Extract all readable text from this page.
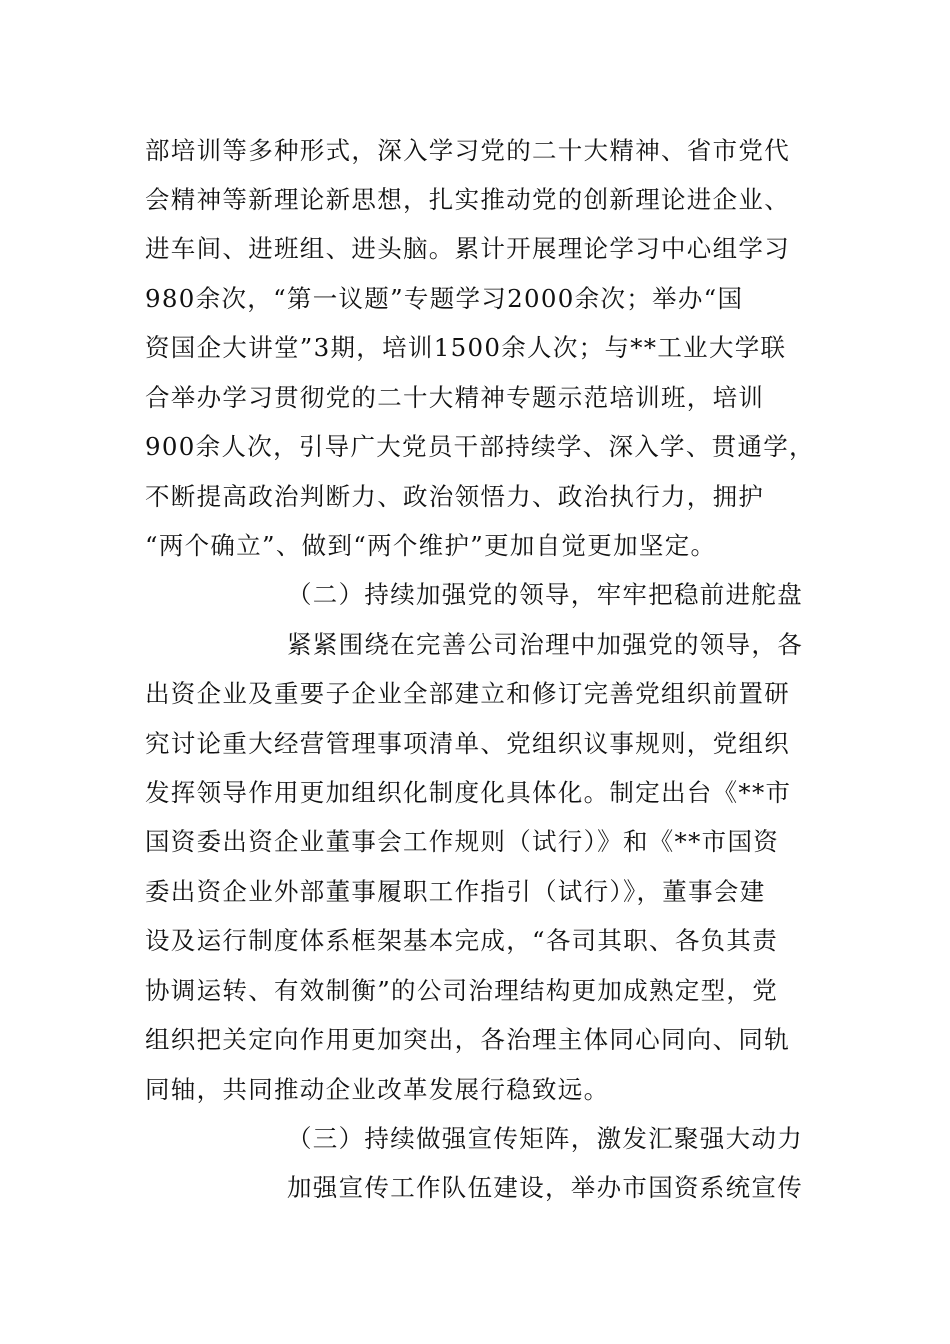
部培训等多种形式，深入学习党的二十大精神、省市党代
会精神等新理论新思想，扎实推动党的创新理论进企业、
进车间、进班组、进头脑。累计开展理论学习中心组学习
980余次，“第一议题”专题学习2000余次；举办“国
资国企大讲堂”3期，培训1500余人次；与**工业大学联
合举办学习贯彻党的二十大精神专题示范培训班，培训
900余人次，引导广大党员干部持续学、深入学、贯通学，
不断提高政治判断力、政治领悟力、政治执行力，拥护
“两个确立”、做到“两个维护”更加自觉更加坚定。
（二）持续加强党的领导，牢牢把稳前进舵盘
紧紧围绕在完善公司治理中加强党的领导，各
出资企业及重要子企业全部建立和修订完善党组织前置研
究讨论重大经营管理事项清单、党组织议事规则，党组织
发挥领导作用更加组织化制度化具体化。制定出台《**市
国资委出资企业董事会工作规则（试行）》和《**市国资
委出资企业外部董事履职工作指引（试行）》，董事会建
设及运行制度体系框架基本完成，“各司其职、各负其责
协调运转、有效制衡”的公司治理结构更加成熟定型，党
组织把关定向作用更加突出，各治理主体同心同向、同轨
同轴，共同推动企业改革发展行稳致远。
（三）持续做强宣传矩阵，激发汇聚强大动力
加强宣传工作队伍建设，举办市国资系统宣传
